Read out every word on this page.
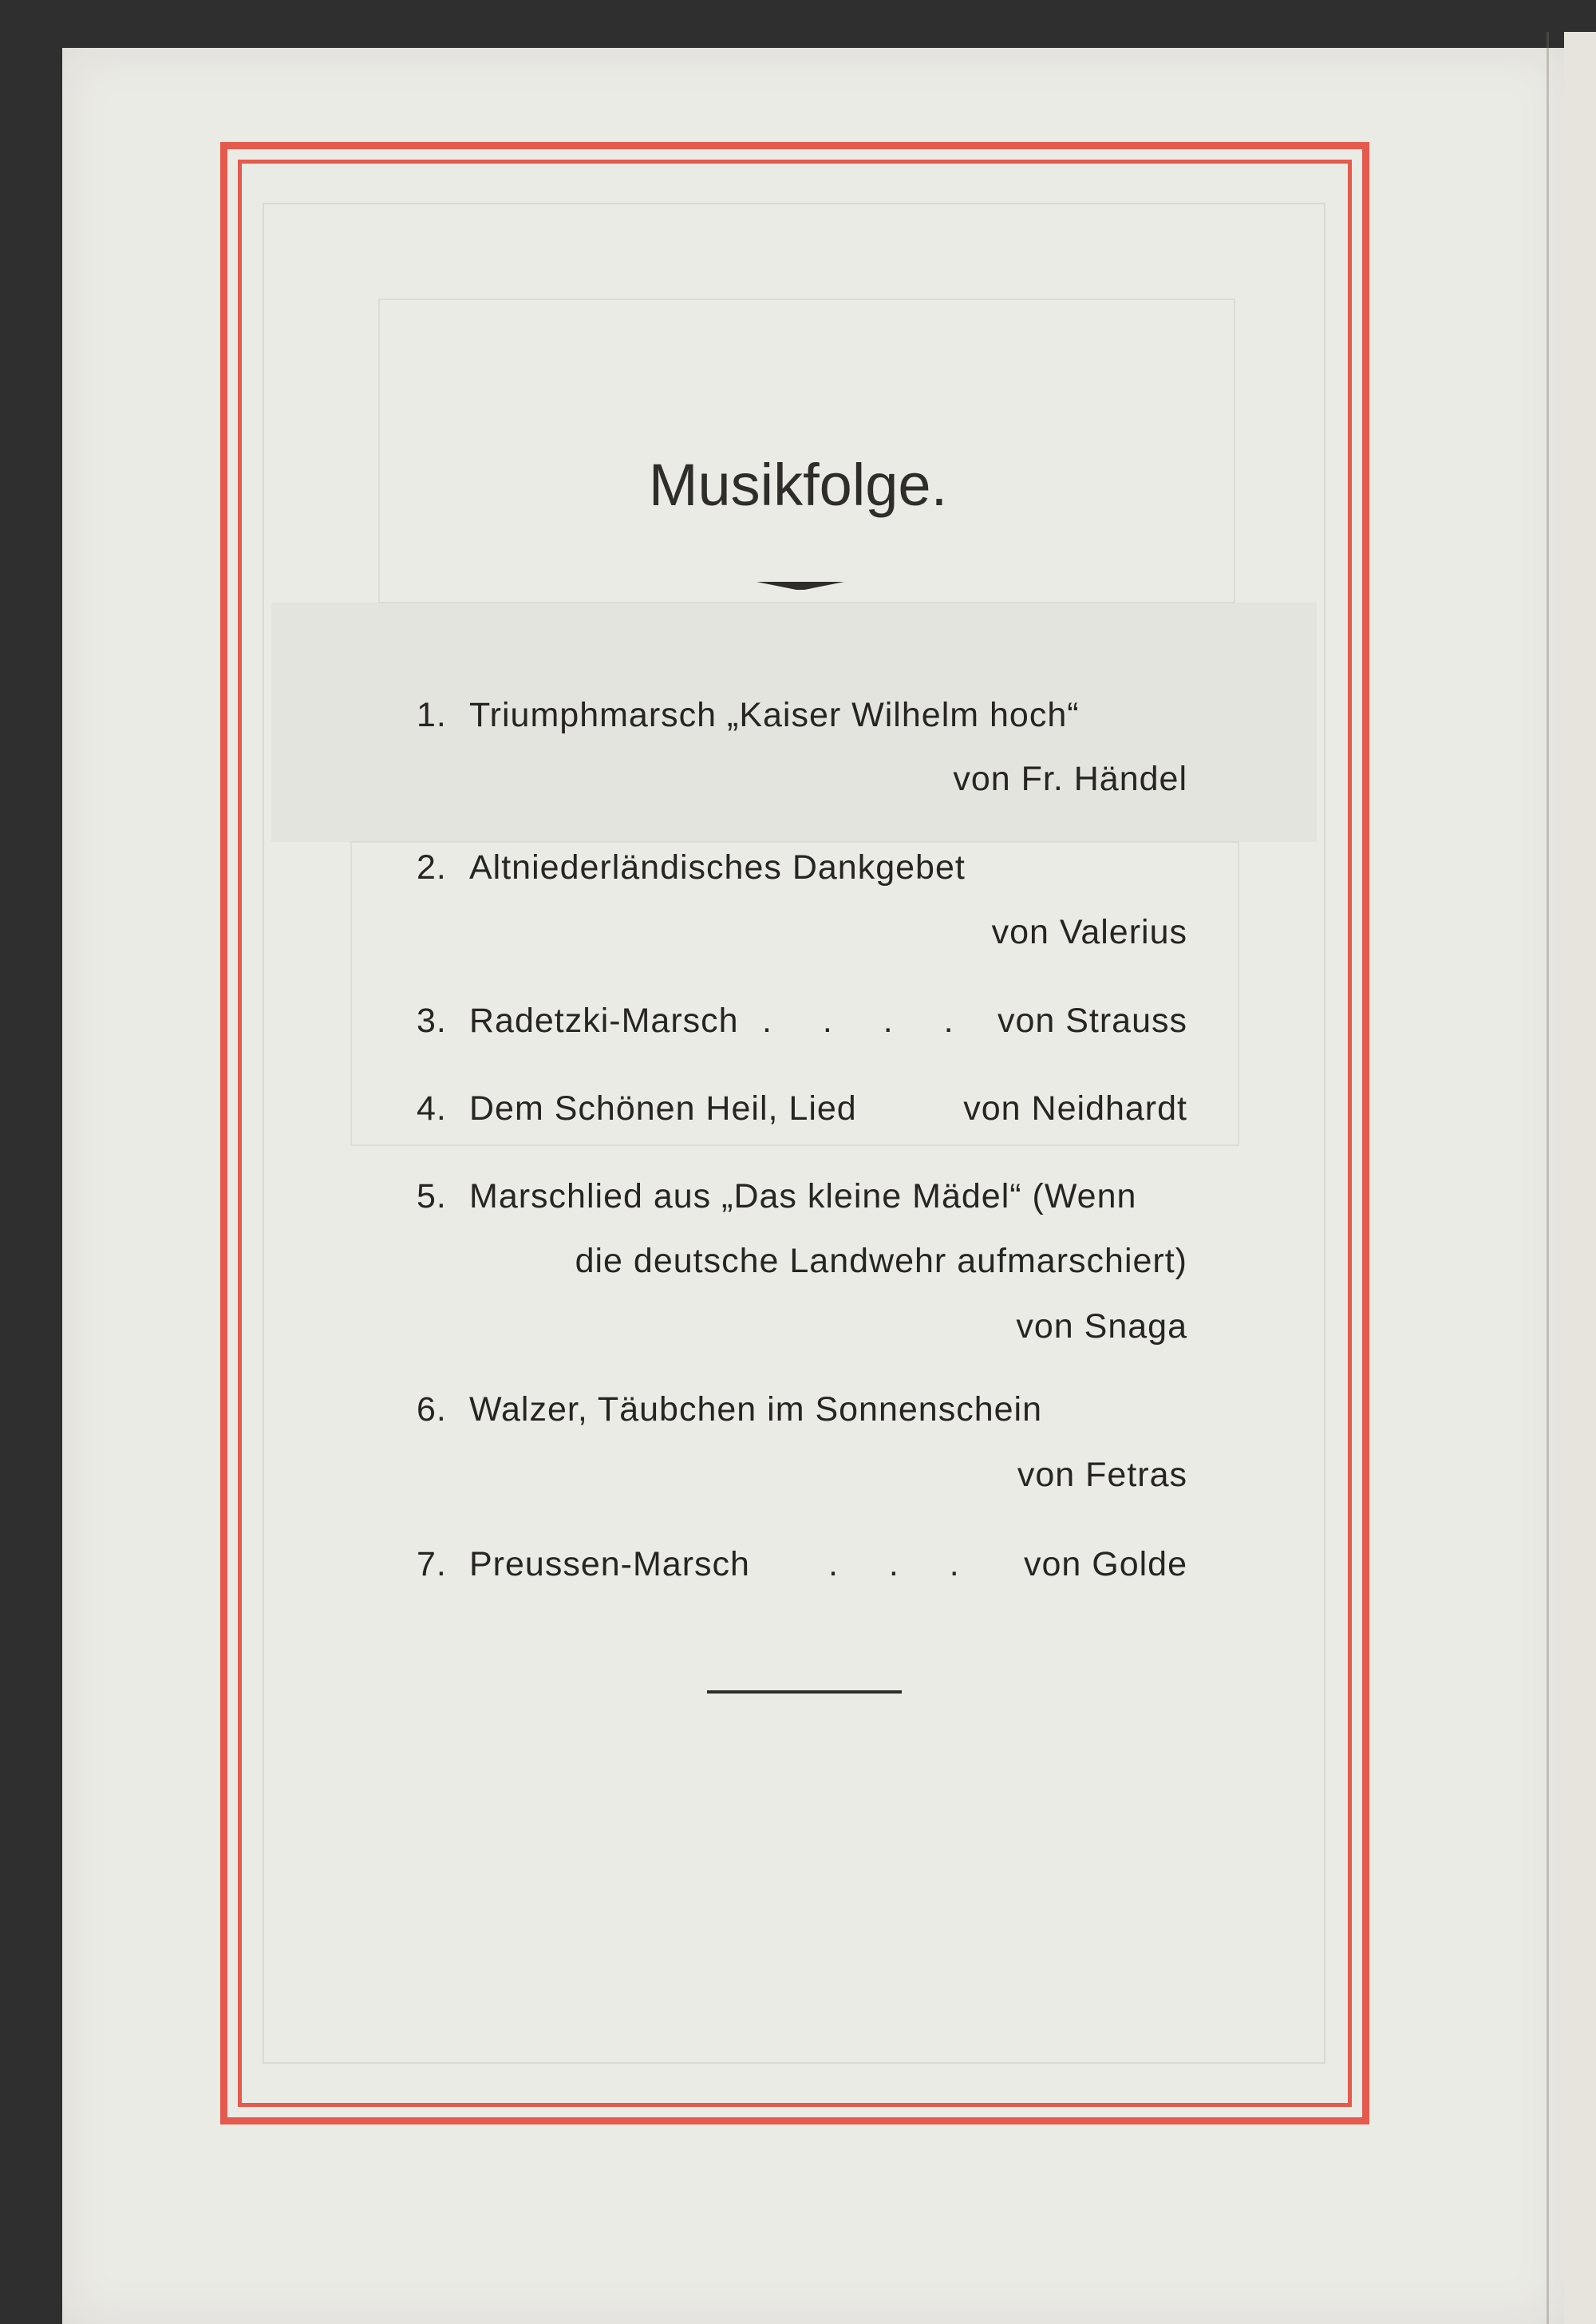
Musikfolge.
1. Triumphmarsch „Kaiser Wilhelm hoch“
von Fr. Händel
2. Altniederländisches Dankgebet
von Valerius
3. Radetzki-Marsch . . . . von Strauss
4. Dem Schönen Heil, Lied	von Neidhardt
5. Marschlied aus „Das kleine Mädel“ (Wenn
die deutsche Landwehr aufmarschiert)
von Snaga
6. Walzer, Täubchen im Sonnenschein
von Fetras
7. Preussen-Marsch . . . von Golde
